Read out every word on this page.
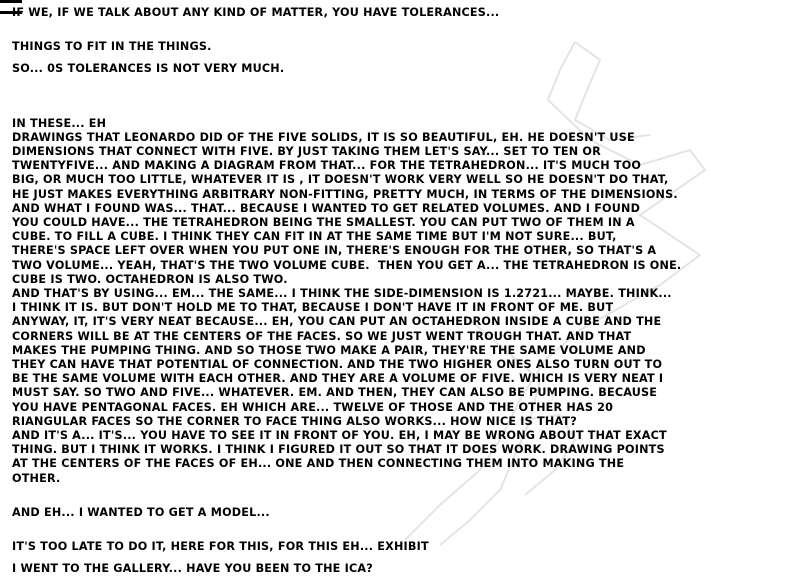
IF WE, IF WE TALK ABOUT ANY KIND OF MATTER, YOU HAVE TOLERANCES...

THINGS TO FIT IN THE THINGS.

SO... 0S TOLERANCES IS NOT VERY MUCH.

IN THESE... EH
DRAWINGS THAT LEONARDO DID OF THE FIVE SOLIDS, IT IS SO BEAUTIFUL, EH. HE DOESN'T USE
DIMENSIONS THAT CONNECT WITH FIVE. BY JUST TAKING THEM LET'S SAY... SET TO TEN OR
TWENTYFIVE... AND MAKING A DIAGRAM FROM THAT... FOR THE TETRAHEDRON... IT'S MUCH TOO
BIG, OR MUCH TOO LITTLE, WHATEVER IT IS , IT DOESN'T WORK VERY WELL SO HE DOESN'T DO THAT,
HE JUST MAKES EVERYTHING ARBITRARY NON-FITTING, PRETTY MUCH, IN TERMS OF THE DIMENSIONS.
AND WHAT I FOUND WAS... THAT... BECAUSE I WANTED TO GET RELATED VOLUMES. AND I FOUND
YOU COULD HAVE... THE TETRAHEDRON BEING THE SMALLEST. YOU CAN PUT TWO OF THEM IN A
CUBE. TO FILL A CUBE. I THINK THEY CAN FIT IN AT THE SAME TIME BUT I'M NOT SURE... BUT,
THERE'S SPACE LEFT OVER WHEN YOU PUT ONE IN, THERE'S ENOUGH FOR THE OTHER, SO THAT'S A
TWO VOLUME... YEAH, THAT'S THE TWO VOLUME CUBE.  THEN YOU GET A... THE TETRAHEDRON IS ONE.
CUBE IS TWO. OCTAHEDRON IS ALSO TWO.
AND THAT'S BY USING... EM... THE SAME... I THINK THE SIDE-DIMENSION IS 1.2721... MAYBE. THINK...
I THINK IT IS. BUT DON'T HOLD ME TO THAT, BECAUSE I DON'T HAVE IT IN FRONT OF ME. BUT
ANYWAY, IT, IT'S VERY NEAT BECAUSE... EH, YOU CAN PUT AN OCTAHEDRON INSIDE A CUBE AND THE
CORNERS WILL BE AT THE CENTERS OF THE FACES. SO WE JUST WENT TROUGH THAT. AND THAT
MAKES THE PUMPING THING. AND SO THOSE TWO MAKE A PAIR, THEY'RE THE SAME VOLUME AND
THEY CAN HAVE THAT POTENTIAL OF CONNECTION. AND THE TWO HIGHER ONES ALSO TURN OUT TO
BE THE SAME VOLUME WITH EACH OTHER. AND THEY ARE A VOLUME OF FIVE. WHICH IS VERY NEAT I
MUST SAY. SO TWO AND FIVE... WHATEVER. EM. AND THEN, THEY CAN ALSO BE PUMPING. BECAUSE
YOU HAVE PENTAGONAL FACES. EH WHICH ARE... TWELVE OF THOSE AND THE OTHER HAS 20
RIANGULAR FACES SO THE CORNER TO FACE THING ALSO WORKS... HOW NICE IS THAT?
AND IT'S A... IT'S... YOU HAVE TO SEE IT IN FRONT OF YOU. EH, I MAY BE WRONG ABOUT THAT EXACT
THING. BUT I THINK IT WORKS. I THINK I FIGURED IT OUT SO THAT IT DOES WORK. DRAWING POINTS
AT THE CENTERS OF THE FACES OF EH... ONE AND THEN CONNECTING THEM INTO MAKING THE
OTHER.

AND EH... I WANTED TO GET A MODEL...

IT'S TOO LATE TO DO IT, HERE FOR THIS, FOR THIS EH... EXHIBIT

I WENT TO THE GALLERY... HAVE YOU BEEN TO THE ICA?
